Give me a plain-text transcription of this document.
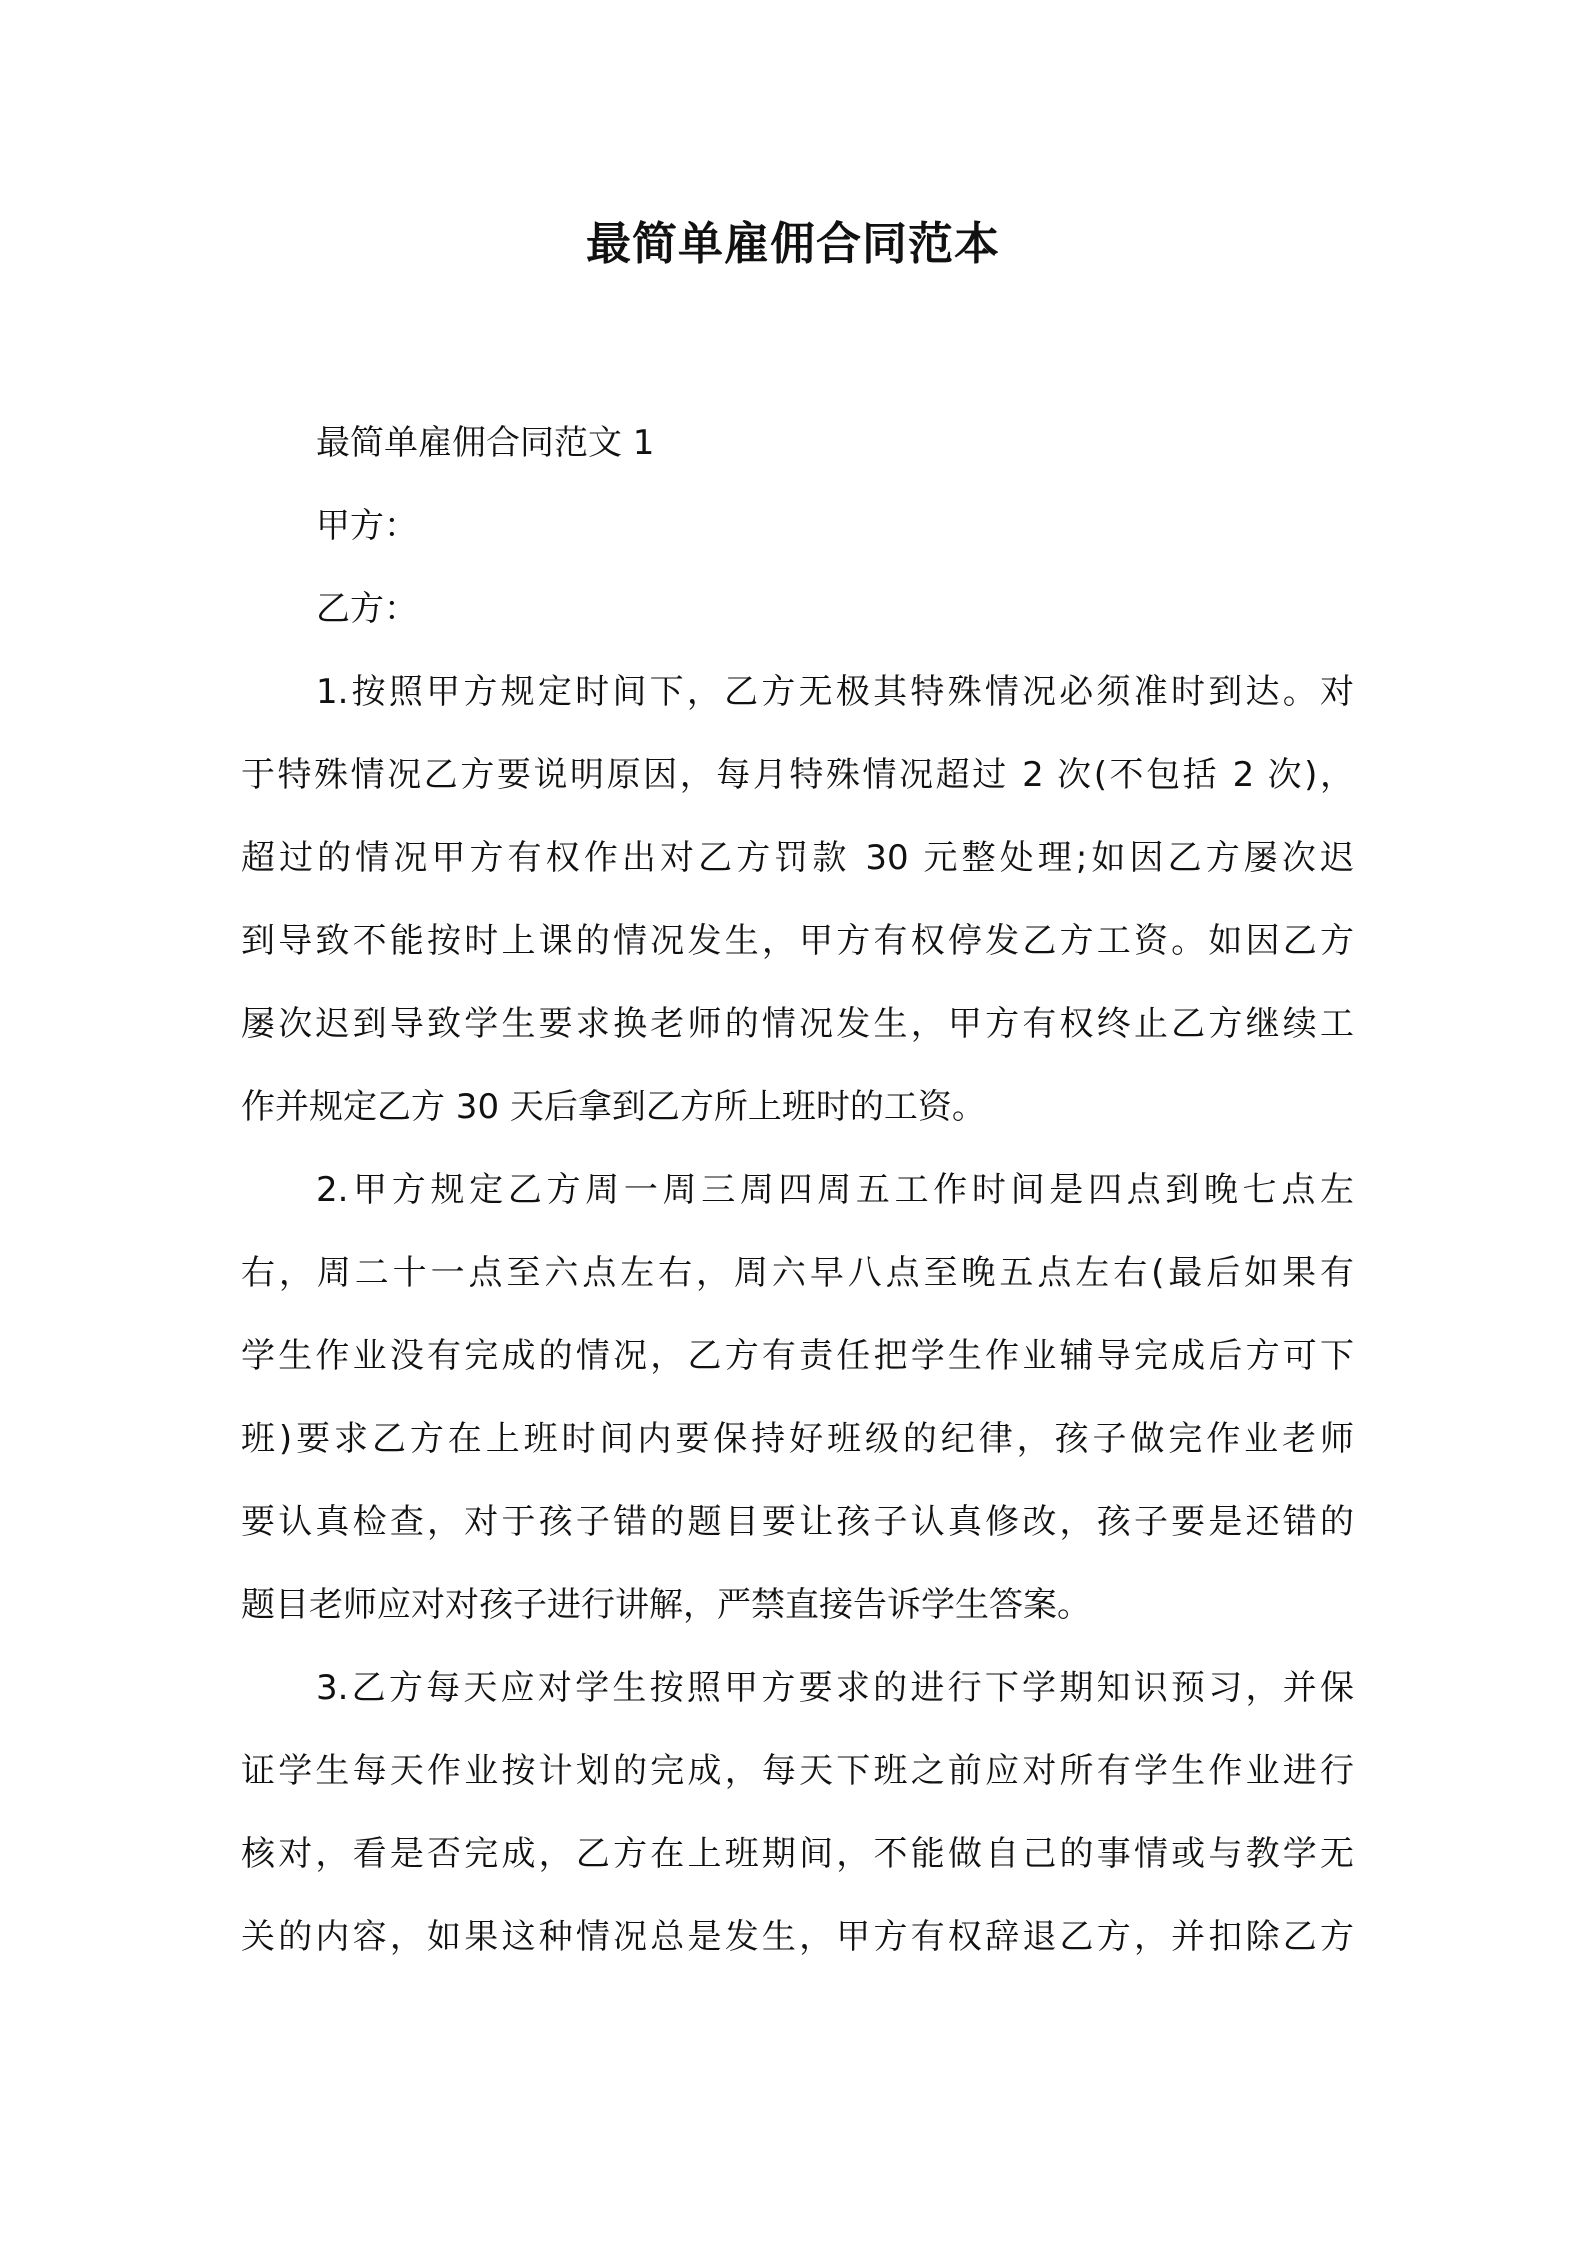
最简单雇佣合同范本
最简单雇佣合同范文 1
甲方：
乙方：
1.按照甲方规定时间下，乙方无极其特殊情况必须准时到达。对
于特殊情况乙方要说明原因，每月特殊情况超过 2 次(不包括 2 次)，
超过的情况甲方有权作出对乙方罚款 30 元整处理;如因乙方屡次迟
到导致不能按时上课的情况发生，甲方有权停发乙方工资。如因乙方
屡次迟到导致学生要求换老师的情况发生，甲方有权终止乙方继续工
作并规定乙方 30 天后拿到乙方所上班时的工资。
2.甲方规定乙方周一周三周四周五工作时间是四点到晚七点左
右，周二十一点至六点左右，周六早八点至晚五点左右(最后如果有
学生作业没有完成的情况，乙方有责任把学生作业辅导完成后方可下
班)要求乙方在上班时间内要保持好班级的纪律，孩子做完作业老师
要认真检查，对于孩子错的题目要让孩子认真修改，孩子要是还错的
题目老师应对对孩子进行讲解，严禁直接告诉学生答案。
3.乙方每天应对学生按照甲方要求的进行下学期知识预习，并保
证学生每天作业按计划的完成，每天下班之前应对所有学生作业进行
核对，看是否完成，乙方在上班期间，不能做自己的事情或与教学无
关的内容，如果这种情况总是发生，甲方有权辞退乙方，并扣除乙方
